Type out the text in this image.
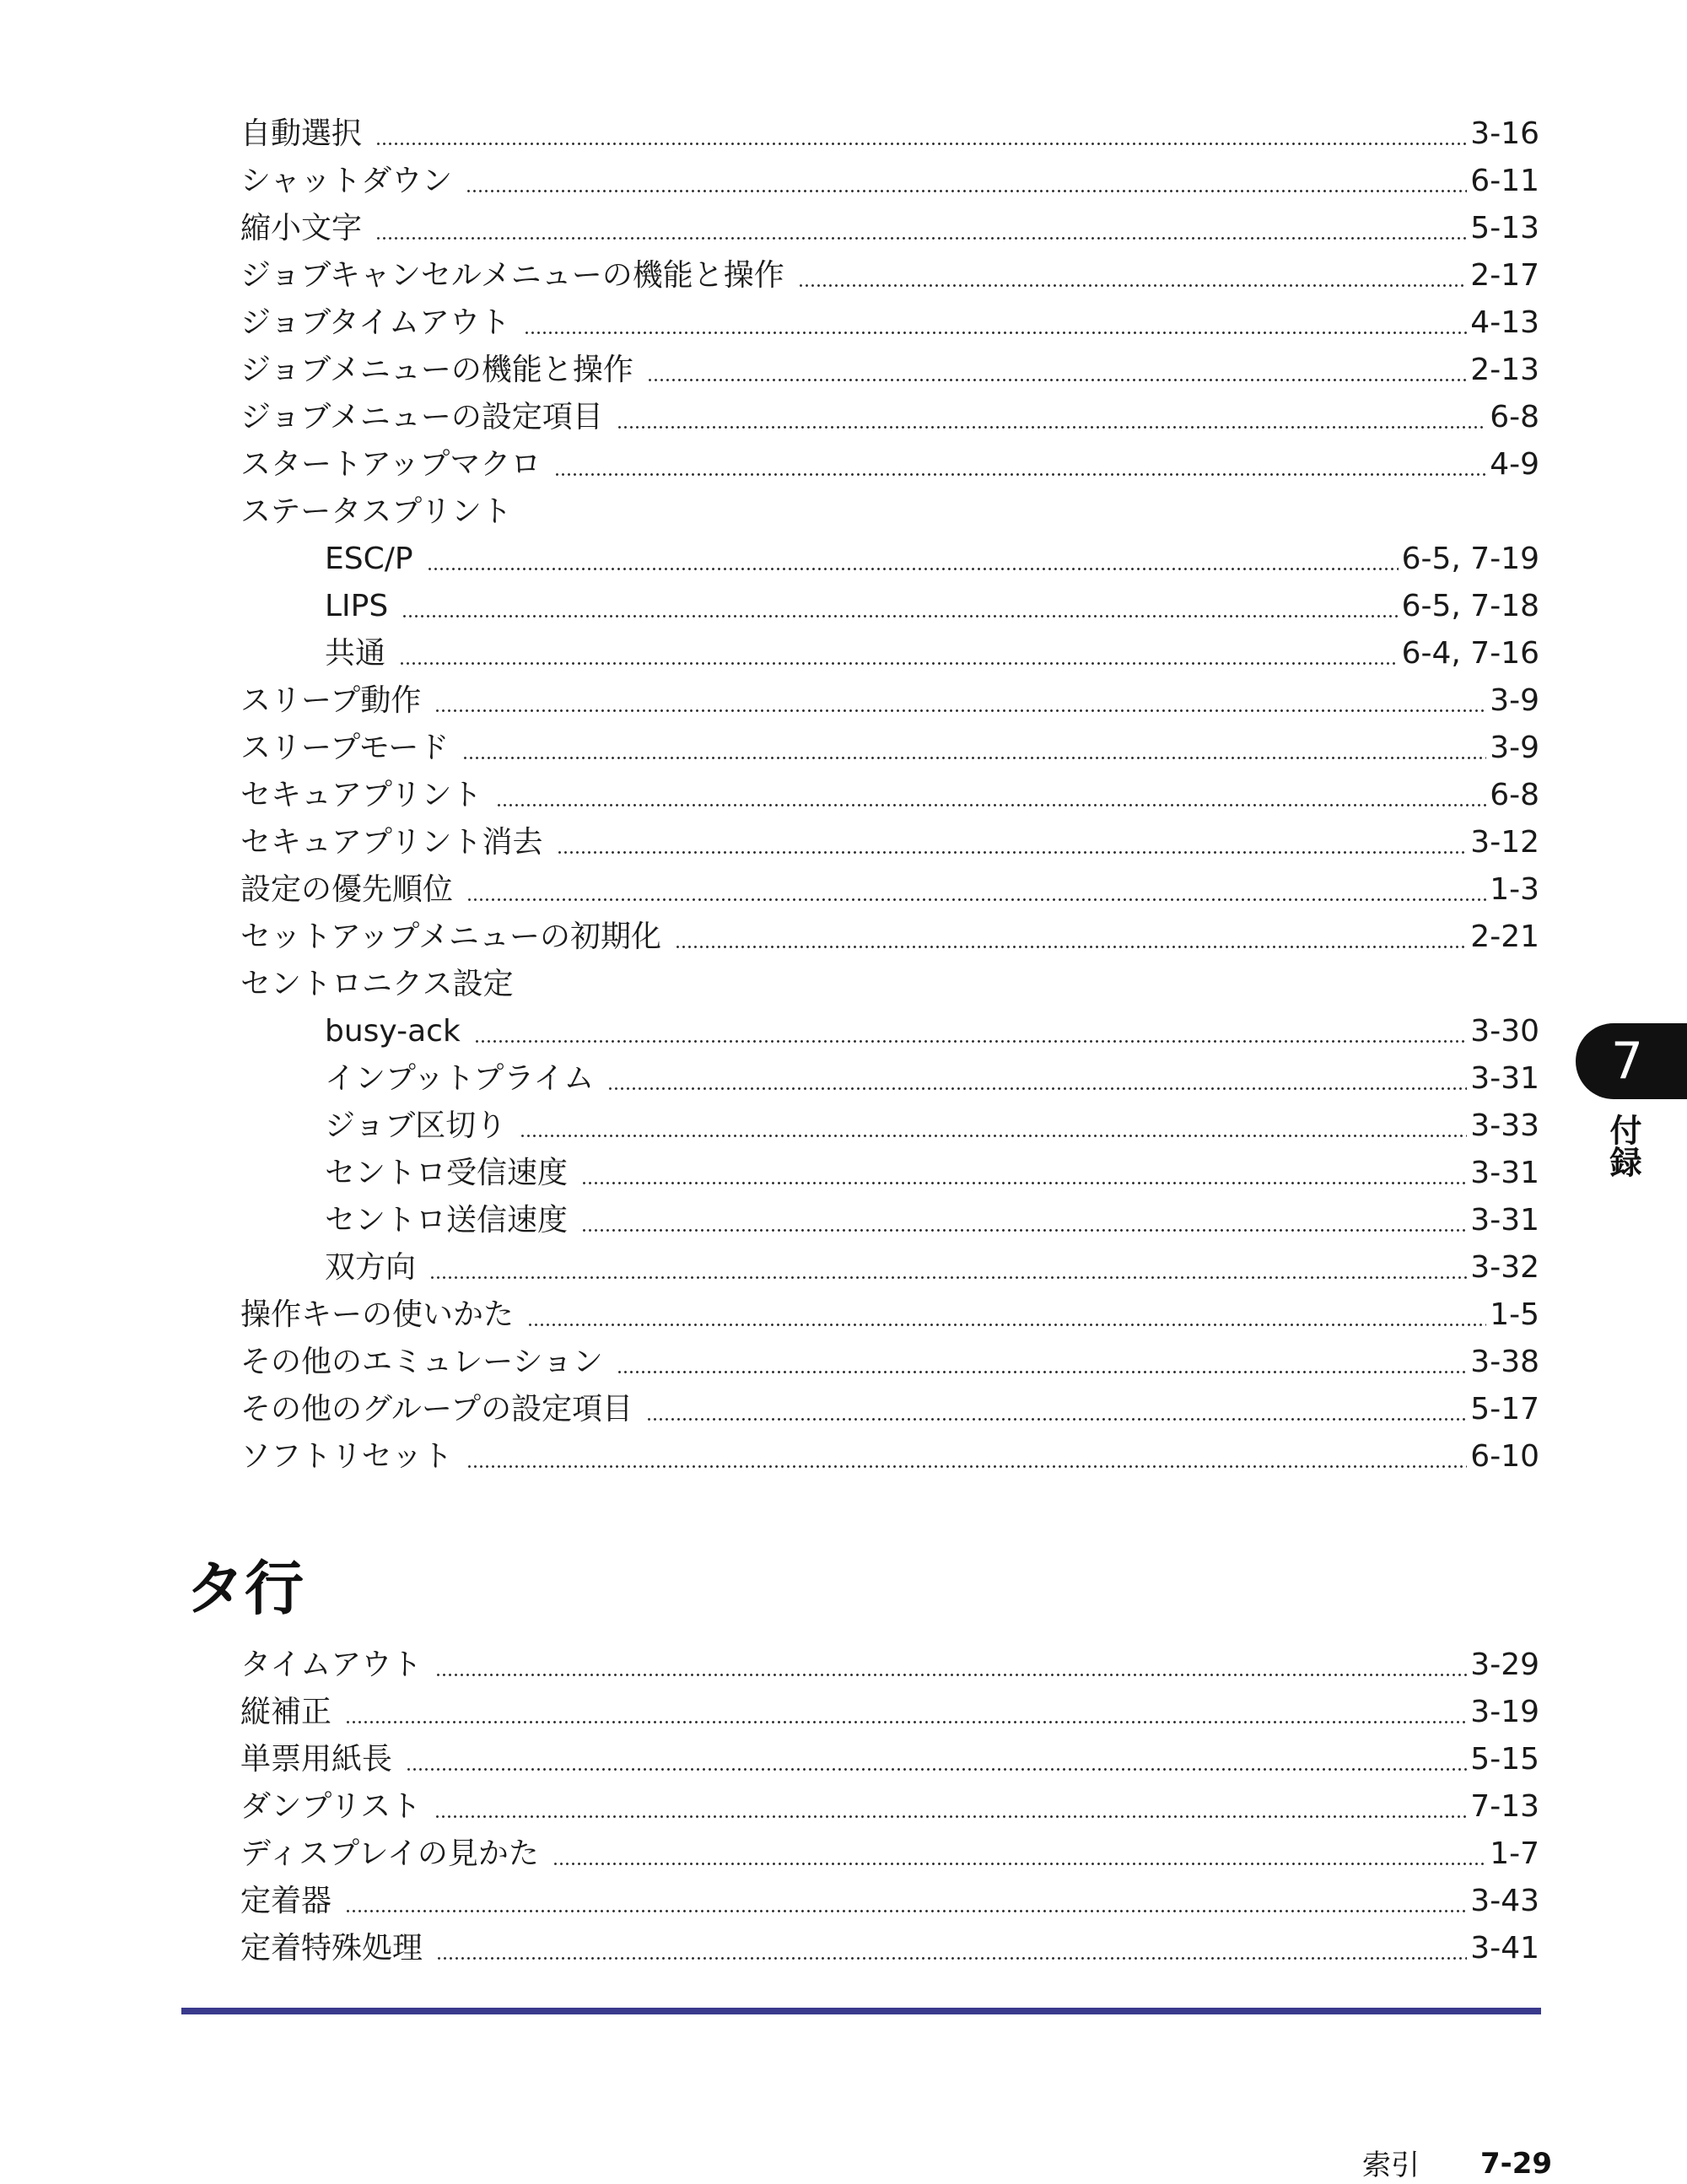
自動選択	3-16
シャットダウン	6-11
縮小文字	5-13
ジョブキャンセルメニューの機能と操作	2-17
ジョブタイムアウト	4-13
ジョブメニューの機能と操作	2-13
ジョブメニューの設定項目	6-8
スタートアップマクロ	4-9
ステータスプリント
ESC/P	6-5, 7-19
LIPS	6-5, 7-18
共通	6-4, 7-16
スリープ動作	3-9
スリープモード	3-9
セキュアプリント	6-8
セキュアプリント消去	3-12
設定の優先順位	1-3
セットアップメニューの初期化	2-21
セントロニクス設定
busy-ack	3-30
インプットプライム	3-31
ジョブ区切り	3-33
セントロ受信速度	3-31
セントロ送信速度	3-31
双方向	3-32
操作キーの使いかた	1-5
その他のエミュレーション	3-38
その他のグループの設定項目	5-17
ソフトリセット	6-10
タ行
タイムアウト	3-29
縦補正	3-19
単票用紙長	5-15
ダンプリスト	7-13
ディスプレイの見かた	1-7
定着器	3-43
定着特殊処理	3-41
7
付録
索引 7-29
